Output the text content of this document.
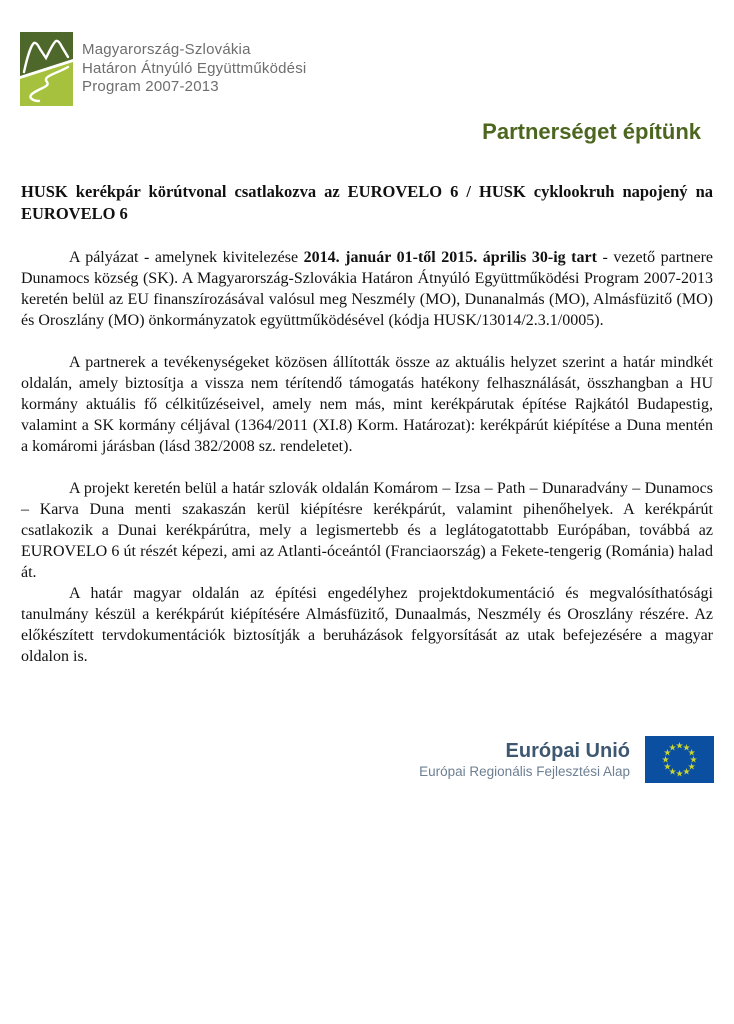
Magyarország-Szlovákia
Határon Átnyúló Együttműködési
Program 2007-2013
Partnerséget építünk
HUSK kerékpár körútvonal csatlakozva az EUROVELO 6 / HUSK cyklookruh napojený na EUROVELO 6

A pályázat - amelynek kivitelezése 2014. január 01-től 2015. április 30-ig tart - vezető partnere Dunamocs község (SK). A Magyarország-Szlovákia Határon Átnyúló Együttműködési Program 2007-2013 keretén belül az EU finanszírozásával valósul meg Neszmély (MO), Dunanalmás (MO), Almásfüzitő (MO) és Oroszlány (MO) önkormányzatok együttműködésével (kódja HUSK/13014/2.3.1/0005).

A partnerek a tevékenységeket közösen állították össze az aktuális helyzet szerint a határ mindkét oldalán, amely biztosítja a vissza nem térítendő támogatás hatékony felhasználását, összhangban a HU kormány aktuális fő célkitűzéseivel, amely nem más, mint kerékpárutak építése Rajkától Budapestig, valamint a SK kormány céljával (1364/2011 (XI.8) Korm. Határozat): kerékpárút kiépítése a Duna mentén a komáromi járásban (lásd 382/2008 sz. rendeletet).

A projekt keretén belül a határ szlovák oldalán Komárom – Izsa – Path – Dunaradvány – Dunamocs – Karva Duna menti szakaszán kerül kiépítésre kerékpárút, valamint pihenőhelyek. A kerékpárút csatlakozik a Dunai kerékpárútra, mely a legismertebb és a leglátogatottabb Európában, továbbá az EUROVELO 6 út részét képezi, ami az Atlanti-óceántól (Franciaország) a Fekete-tengerig (Románia) halad át.

A határ magyar oldalán az építési engedélyhez projektdokumentáció és megvalósíthatósági tanulmány készül a kerékpárút kiépítésére Almásfüzitő, Dunaalmás, Neszmély és Oroszlány részére. Az előkészített tervdokumentációk biztosítják a beruházások felgyorsítását az utak befejezésére a magyar oldalon is.

Európai Unió
Európai Regionális Fejlesztési Alap
★
★
★
★
★
★
★
★
★
★
★
★
